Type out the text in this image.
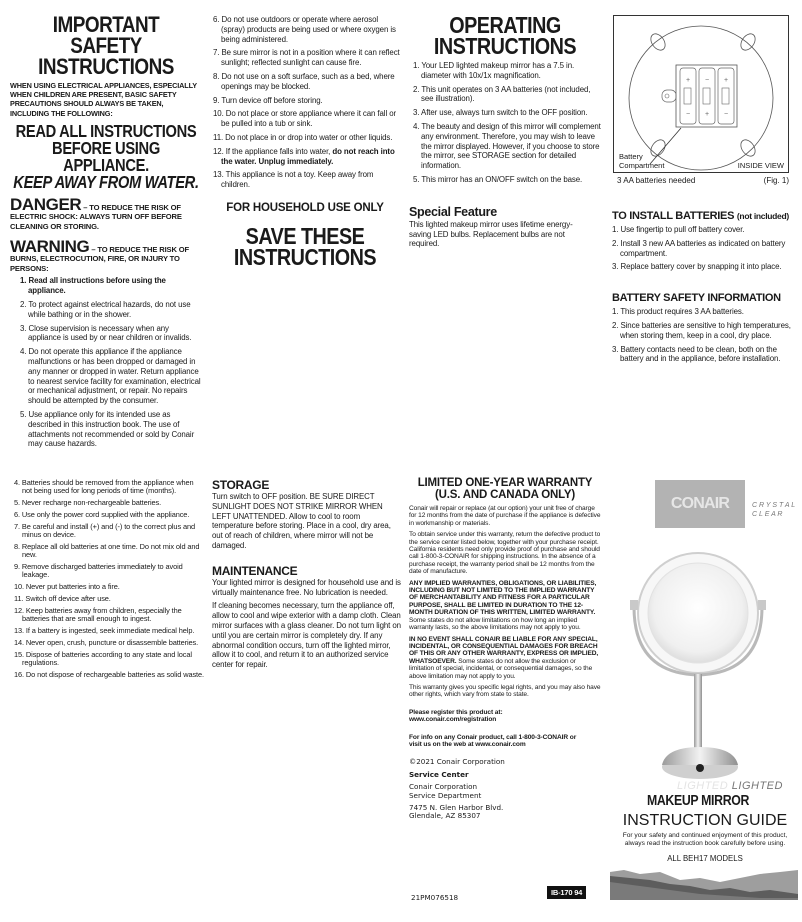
IMPORTANT SAFETY INSTRUCTIONS
WHEN USING ELECTRICAL APPLIANCES, ESPECIALLY WHEN CHILDREN ARE PRESENT, BASIC SAFETY PRECAUTIONS SHOULD ALWAYS BE TAKEN, INCLUDING THE FOLLOWING:
READ ALL INSTRUCTIONS
BEFORE USING APPLIANCE.
KEEP AWAY FROM WATER.
DANGER – TO REDUCE THE RISK OF ELECTRIC SHOCK: ALWAYS TURN OFF BEFORE CLEANING OR STORING.
WARNING – TO REDUCE THE RISK OF BURNS, ELECTROCUTION, FIRE, OR INJURY TO PERSONS:
1. Read all instructions before using the appliance.
2. To protect against electrical hazards, do not use while bathing or in the shower.
3. Close supervision is necessary when any appliance is used by or near children or invalids.
4. Do not operate this appliance if the appliance malfunctions or has been dropped or damaged in any manner or dropped in water. Return appliance to nearest service facility for examination, electrical or mechanical adjustment, or repair. No repairs should be attempted by the consumer.
5. Use appliance only for its intended use as described in this instruction book. The use of attachments not recommended or sold by Conair may cause hazards.
6. Do not use outdoors or operate where aerosol (spray) products are being used or where oxygen is being administered.
7. Be sure mirror is not in a position where it can reflect sunlight; reflected sunlight can cause fire.
8. Do not use on a soft surface, such as a bed, where openings may be blocked.
9. Turn device off before storing.
10. Do not place or store appliance where it can fall or be pulled into a tub or sink.
11. Do not place in or drop into water or other liquids.
12. If the appliance falls into water, do not reach into the water. Unplug immediately.
13. This appliance is not a toy. Keep away from children.
FOR HOUSEHOLD USE ONLY
SAVE THESE
INSTRUCTIONS
OPERATING
INSTRUCTIONS
1. Your LED lighted makeup mirror has a 7.5 in. diameter with 10x/1x magnification.
2. This unit operates on 3 AA batteries (not included, see illustration).
3. After use, always turn switch to the OFF position.
4. The beauty and design of this mirror will complement any environment. Therefore, you may wish to leave the mirror displayed. However, if you choose to store the mirror, see STORAGE section for detailed information.
5. This mirror has an ON/OFF switch on the base.
Special Feature
This lighted makeup mirror uses lifetime energy-saving LED bulbs. Replacement bulbs are not required.
+
−
−
+
+
−
Battery
Compartment	INSIDE VIEW
3 AA batteries needed	(Fig. 1)
TO INSTALL BATTERIES (not included)
1. Use fingertip to pull off battery cover.
2. Install 3 new AA batteries as indicated on battery compartment.
3. Replace battery cover by snapping it into place.
BATTERY SAFETY INFORMATION
1. This product requires 3 AA batteries.
2. Since batteries are sensitive to high temperatures, when storing them, keep in a cool, dry place.
3. Battery contacts need to be clean, both on the battery and in the appliance, before installation.
4. Batteries should be removed from the appliance when not being used for long periods of time (months).
5. Never recharge non-rechargeable batteries.
6. Use only the power cord supplied with the appliance.
7. Be careful and install (+) and (-) to the correct plus and minus on device.
8. Replace all old batteries at one time. Do not mix old and new.
9. Remove discharged batteries immediately to avoid leakage.
10. Never put batteries into a fire.
11. Switch off device after use.
12. Keep batteries away from children, especially the batteries that are small enough to ingest.
13. If a battery is ingested, seek immediate medical help.
14. Never open, crush, puncture or disassemble batteries.
15. Dispose of batteries according to any state and local regulations.
16. Do not dispose of rechargeable batteries as solid waste.
STORAGE
Turn switch to OFF position. BE SURE DIRECT SUNLIGHT DOES NOT STRIKE MIRROR WHEN LEFT UNATTENDED. Allow to cool to room temperature before storing. Place in a cool, dry area, out of reach of children, where mirror will not be damaged.
MAINTENANCE
Your lighted mirror is designed for household use and is virtually maintenance free. No lubrication is needed.
If cleaning becomes necessary, turn the appliance off, allow to cool and wipe exterior with a damp cloth. Clean mirror surfaces with a glass cleaner. Do not turn light on until you are certain mirror is completely dry. If any abnormal condition occurs, turn off the lighted mirror, allow it to cool, and return it to an authorized service center for repair.
LIMITED ONE-YEAR WARRANTY
(U.S. AND CANADA ONLY)
Conair will repair or replace (at our option) your unit free of charge for 12 months from the date of purchase if the appliance is defective in workmanship or materials.
To obtain service under this warranty, return the defective product to the service center listed below, together with your purchase receipt. California residents need only provide proof of purchase and should call 1-800-3-CONAIR for shipping instructions. In the absence of a purchase receipt, the warranty period shall be 12 months from the date of manufacture.
ANY IMPLIED WARRANTIES, OBLIGATIONS, OR LIABILITIES, INCLUDING BUT NOT LIMITED TO THE IMPLIED WARRANTY OF MERCHANTABILITY AND FITNESS FOR A PARTICULAR PURPOSE, SHALL BE LIMITED IN DURATION TO THE 12-MONTH DURATION OF THIS WRITTEN, LIMITED WARRANTY. Some states do not allow limitations on how long an implied warranty lasts, so the above limitations may not apply to you.
IN NO EVENT SHALL CONAIR BE LIABLE FOR ANY SPECIAL, INCIDENTAL, OR CONSEQUENTIAL DAMAGES FOR BREACH OF THIS OR ANY OTHER WARRANTY, EXPRESS OR IMPLIED, WHATSOEVER. Some states do not allow the exclusion or limitation of special, incidental, or consequential damages, so the above limitation may not apply to you.
This warranty gives you specific legal rights, and you may also have other rights, which vary from state to state.
Please register this product at:
www.conair.com/registration
For info on any Conair product, call 1-800-3-CONAIR or
visit us on the web at www.conair.com
©2021 Conair Corporation
Service Center
Conair Corporation
Service Department
7475 N. Glen Harbor Blvd.
Glendale, AZ 85307
21PM076518
IB-170 94
CONAIR	C R Y S T A L
C L E A R
LIGHTED LIGHTED
MAKEUP MIRROR
INSTRUCTION GUIDE
For your safety and continued enjoyment of this product, always read the instruction book carefully before using.
ALL BEH17 MODELS
